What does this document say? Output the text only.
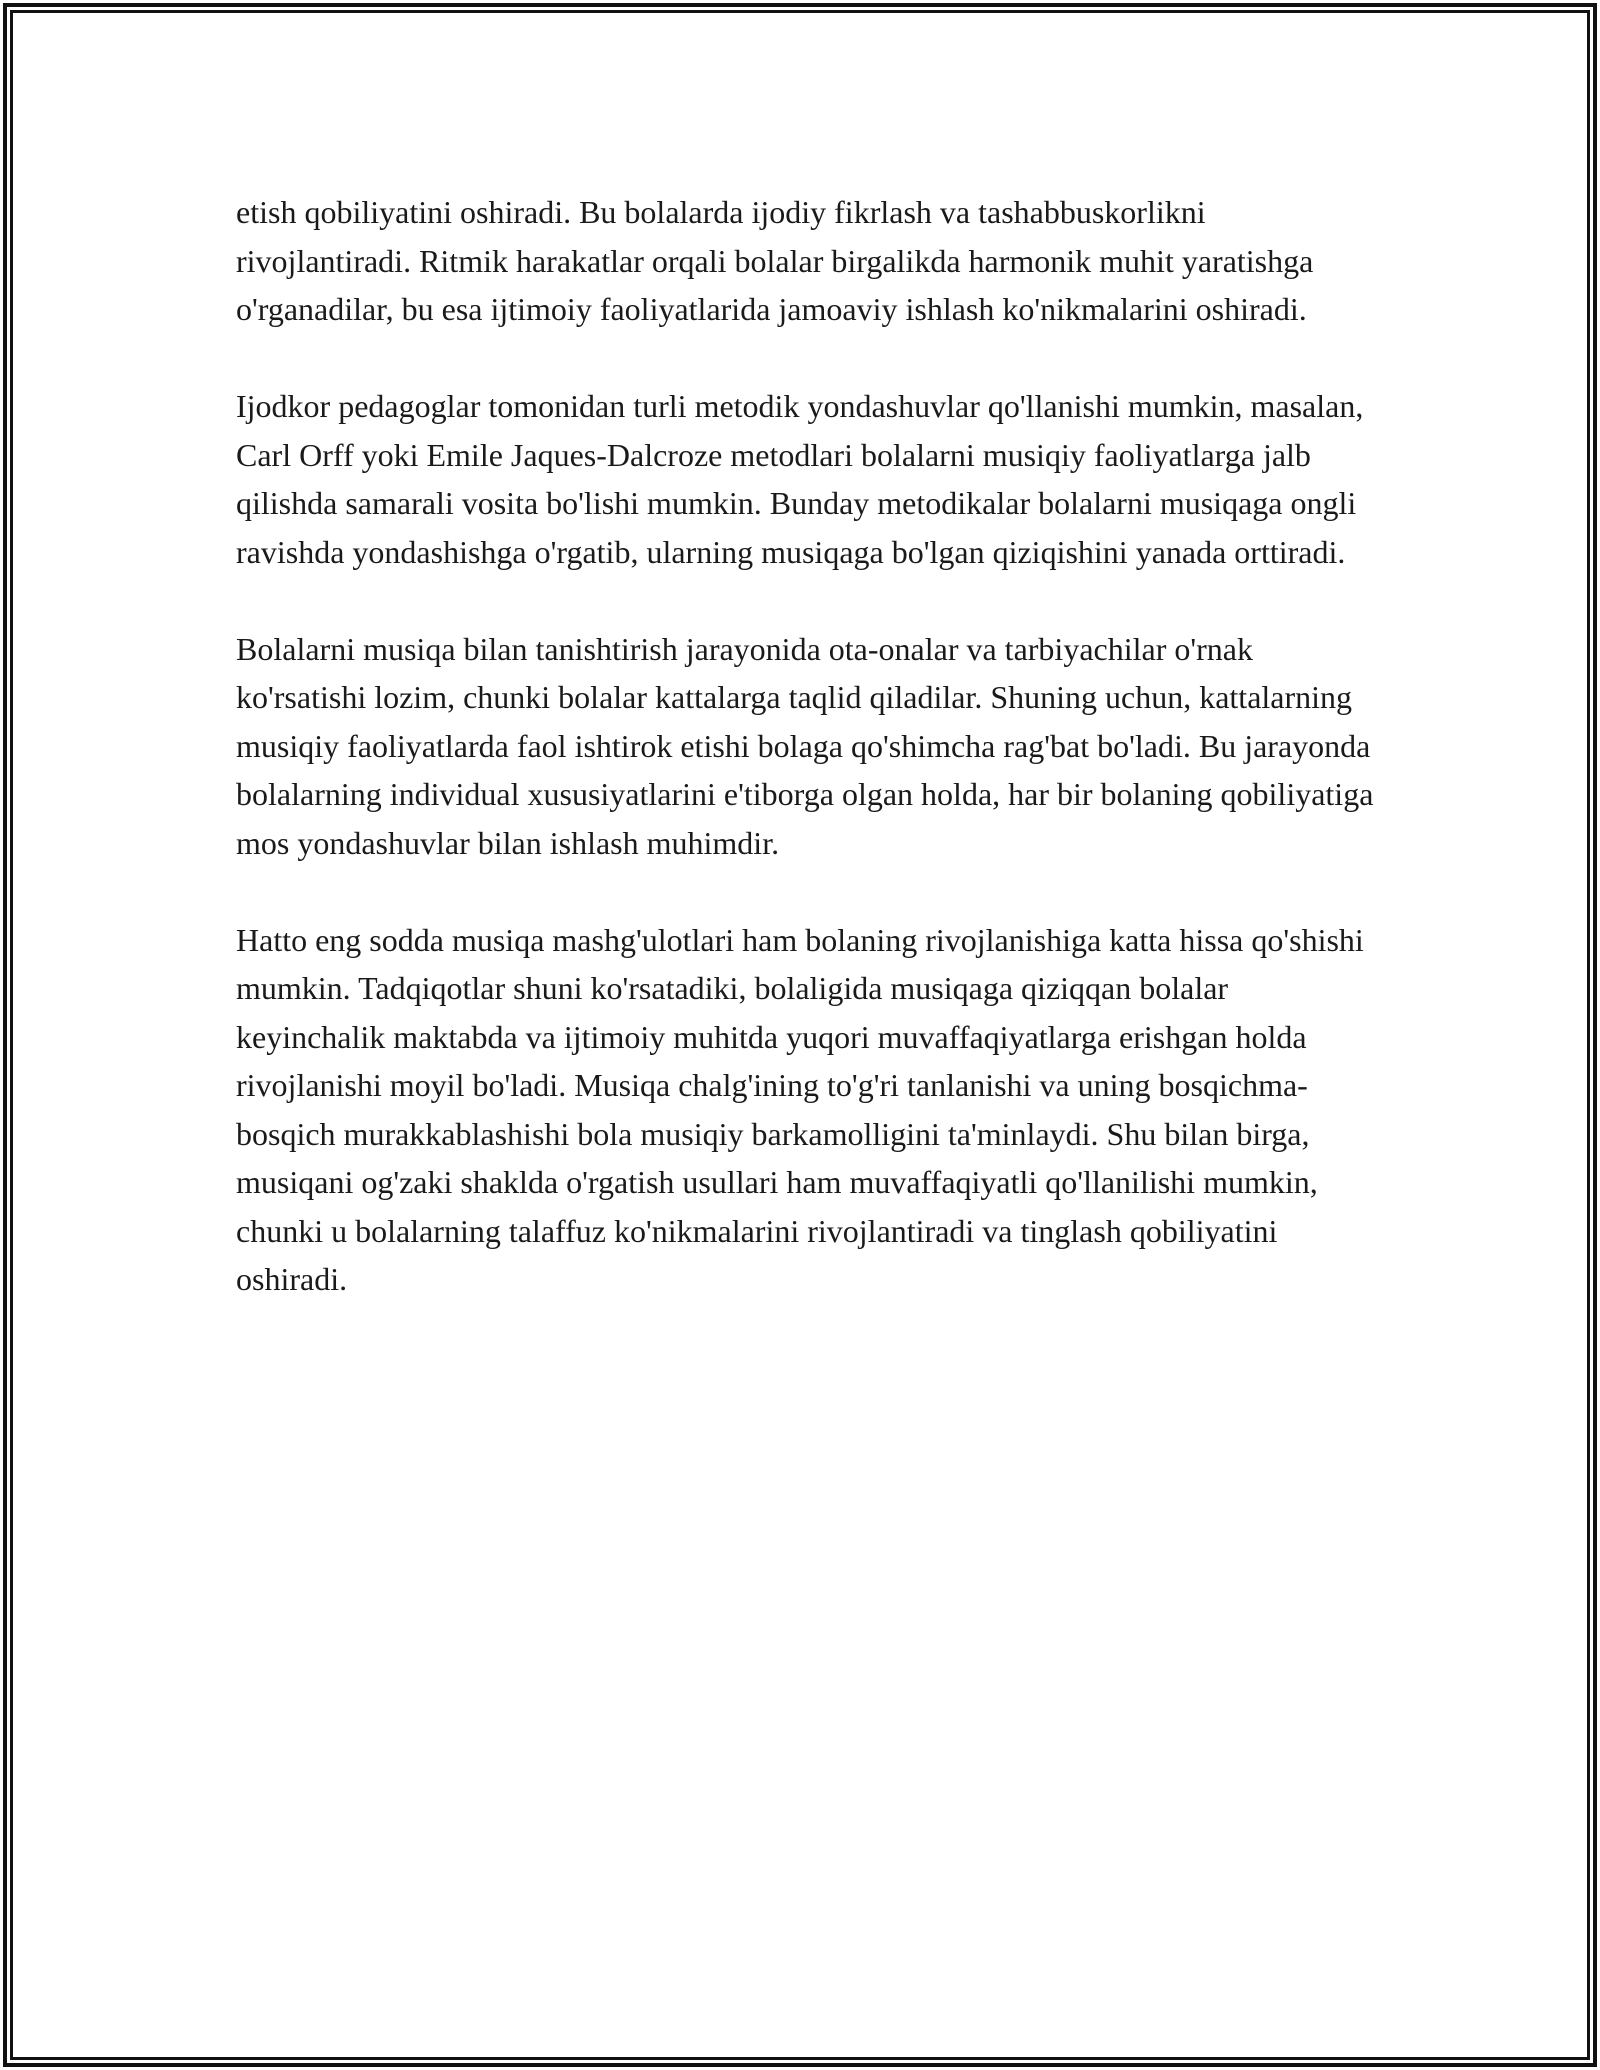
etish qobiliyatini oshiradi. Bu bolalarda ijodiy fikrlash va tashabbuskorlikni rivojlantiradi. Ritmik harakatlar orqali bolalar birgalikda harmonik muhit yaratishga o'rganadilar, bu esa ijtimoiy faoliyatlarida jamoaviy ishlash ko'nikmalarini oshiradi.

Ijodkor pedagoglar tomonidan turli metodik yondashuvlar qo'llanishi mumkin, masalan, Carl Orff yoki Emile Jaques-Dalcroze metodlari bolalarni musiqiy faoliyatlarga jalb qilishda samarali vosita bo'lishi mumkin. Bunday metodikalar bolalarni musiqaga ongli ravishda yondashishga o'rgatib, ularning musiqaga bo'lgan qiziqishini yanada orttiradi.

Bolalarni musiqa bilan tanishtirish jarayonida ota-onalar va tarbiyachilar o'rnak ko'rsatishi lozim, chunki bolalar kattalarga taqlid qiladilar. Shuning uchun, kattalarning musiqiy faoliyatlarda faol ishtirok etishi bolaga qo'shimcha rag'bat bo'ladi. Bu jarayonda bolalarning individual xususiyatlarini e'tiborga olgan holda, har bir bolaning qobiliyatiga mos yondashuvlar bilan ishlash muhimdir.

Hatto eng sodda musiqa mashg'ulotlari ham bolaning rivojlanishiga katta hissa qo'shishi mumkin. Tadqiqotlar shuni ko'rsatadiki, bolaligida musiqaga qiziqqan bolalar keyinchalik maktabda va ijtimoiy muhitda yuqori muvaffaqiyatlarga erishgan holda rivojlanishi moyil bo'ladi. Musiqa chalg'ining to'g'ri tanlanishi va uning bosqichma-bosqich murakkablashishi bola musiqiy barkamolligini ta'minlaydi. Shu bilan birga, musiqani og'zaki shaklda o'rgatish usullari ham muvaffaqiyatli qo'llanilishi mumkin, chunki u bolalarning talaffuz ko'nikmalarini rivojlantiradi va tinglash qobiliyatini oshiradi.
